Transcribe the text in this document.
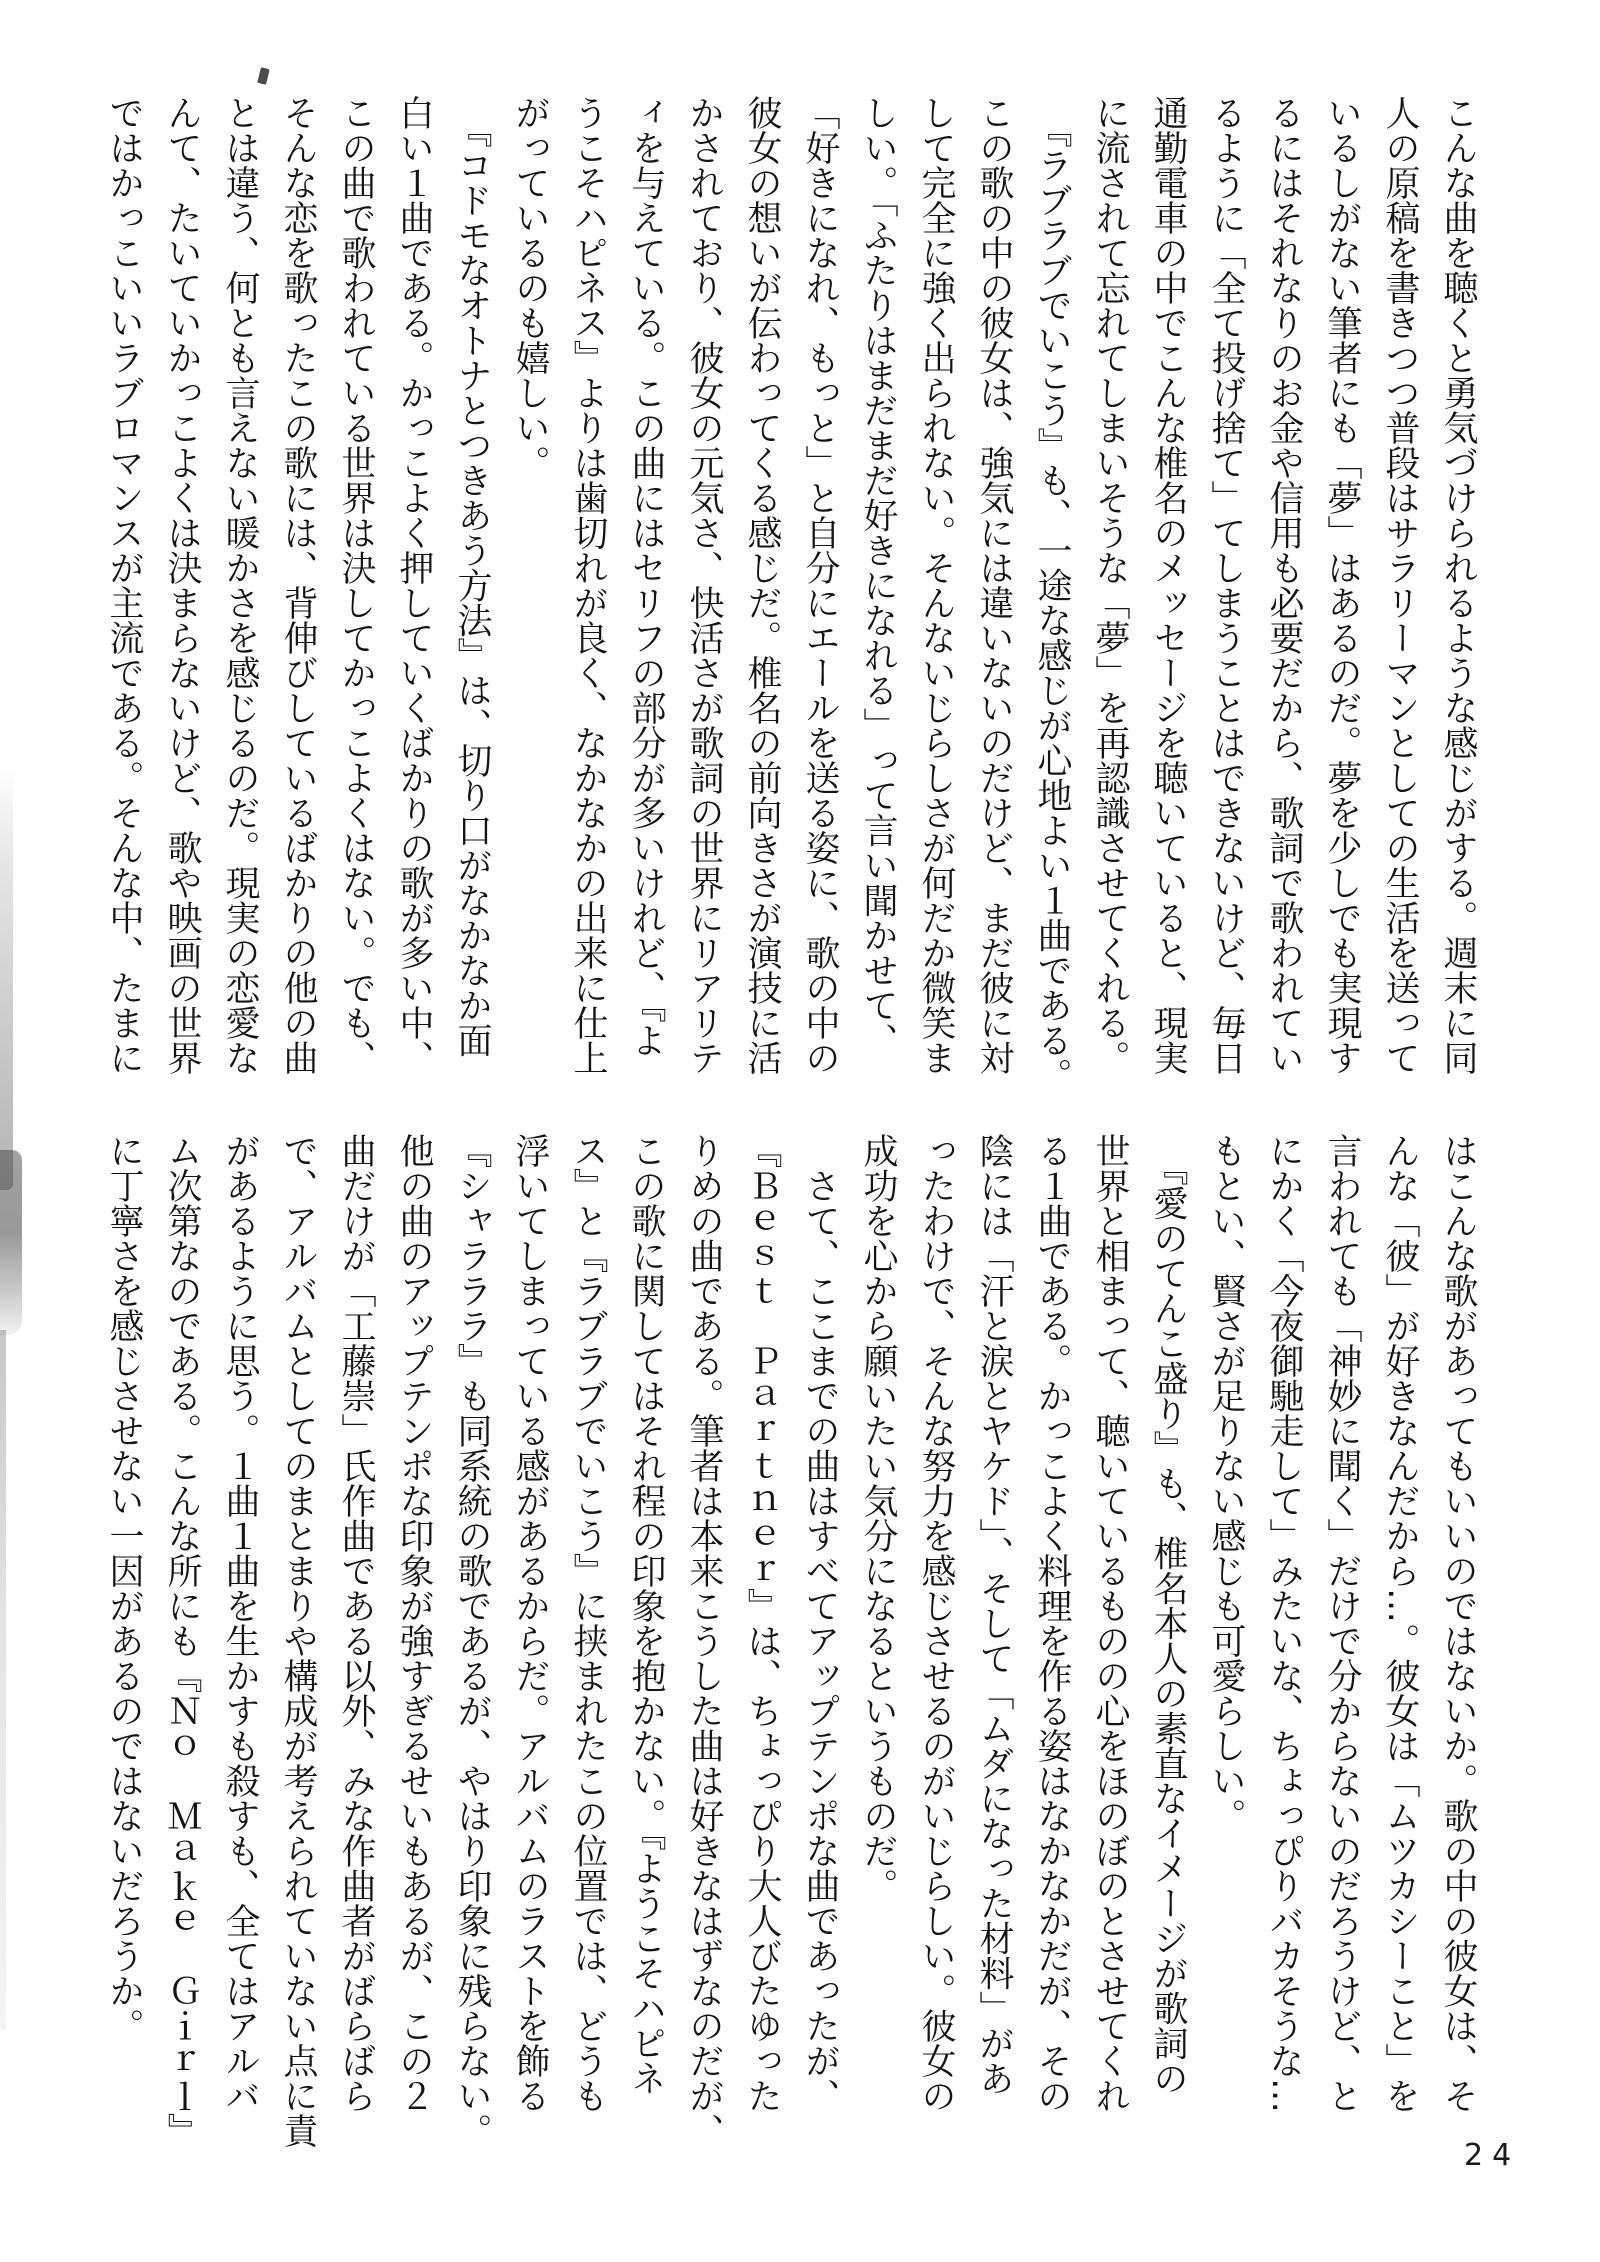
こんな曲を聴くと勇気づけられるような感じがする。週末に同

人の原稿を書きつつ普段はサラリーマンとしての生活を送って

いるしがない筆者にも「夢」はあるのだ。夢を少しでも実現す

るにはそれなりのお金や信用も必要だから、歌詞で歌われてい

るように「全て投げ捨て」てしまうことはできないけど、毎日

通勤電車の中でこんな椎名のメッセージを聴いていると、現実

に流されて忘れてしまいそうな「夢」を再認識させてくれる。

　『ラブラブでいこう』も、一途な感じが心地よい１曲である。

この歌の中の彼女は、強気には違いないのだけど、まだ彼に対

して完全に強く出られない。そんないじらしさが何だか微笑ま

しい。「ふたりはまだまだ好きになれる」って言い聞かせて、

「好きになれ、もっと」と自分にエールを送る姿に、歌の中の

彼女の想いが伝わってくる感じだ。椎名の前向きさが演技に活

かされており、彼女の元気さ、快活さが歌詞の世界にリアリテ

ィを与えている。この曲にはセリフの部分が多いけれど、『よ

うこそハピネス』よりは歯切れが良く、なかなかの出来に仕上

がっているのも嬉しい。

　『コドモなオトナとつきあう方法』は、切り口がなかなか面

白い１曲である。かっこよく押していくばかりの歌が多い中、

この曲で歌われている世界は決してかっこよくはない。でも、

そんな恋を歌ったこの歌には、背伸びしているばかりの他の曲

とは違う、何とも言えない暖かさを感じるのだ。現実の恋愛な

んて、たいていかっこよくは決まらないけど、歌や映画の世界

ではかっこいいラブロマンスが主流である。そんな中、たまに

はこんな歌があってもいいのではないか。歌の中の彼女は、そ

んな「彼」が好きなんだから…。彼女は「ムツカシーこと」を

言われても「神妙に聞く」だけで分からないのだろうけど、と

にかく「今夜御馳走して」みたいな、ちょっぴりバカそうな…

もとい、賢さが足りない感じも可愛らしい。

　『愛のてんこ盛り』も、椎名本人の素直なイメージが歌詞の

世界と相まって、聴いているものの心をほのぼのとさせてくれ

る１曲である。かっこよく料理を作る姿はなかなかだが、その

陰には「汗と涙とヤケド」、そして「ムダになった材料」があ

ったわけで、そんな努力を感じさせるのがいじらしい。彼女の

成功を心から願いたい気分になるというものだ。

　さて、ここまでの曲はすべてアップテンポな曲であったが、

『Ｂｅｓｔ　Ｐａｒｔｎｅｒ』は、ちょっぴり大人びたゆった

りめの曲である。筆者は本来こうした曲は好きなはずなのだが、

この歌に関してはそれ程の印象を抱かない。『ようこそハピネ

ス』と『ラブラブでいこう』に挟まれたこの位置では、どうも

浮いてしまっている感があるからだ。アルバムのラストを飾る

『シャラララ』も同系統の歌であるが、やはり印象に残らない。

他の曲のアップテンポな印象が強すぎるせいもあるが、この２

曲だけが「工藤崇」氏作曲である以外、みな作曲者がばらばら

で、アルバムとしてのまとまりや構成が考えられていない点に責

があるように思う。１曲１曲を生かすも殺すも、全てはアルバ

ム次第なのである。こんな所にも『Ｎｏ　Ｍａｋｅ　Ｇｉｒｌ』

に丁寧さを感じさせない一因があるのではないだろうか。

24
